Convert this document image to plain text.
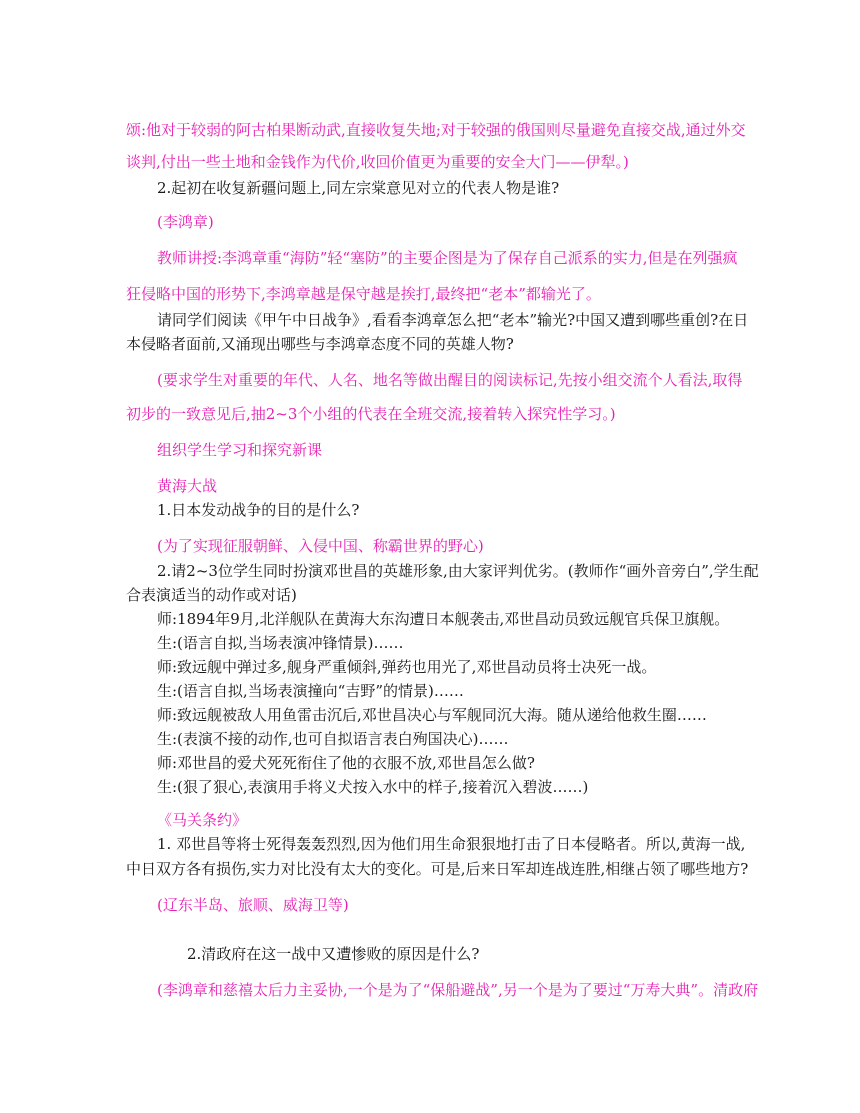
颂:他对于较弱的阿古柏果断动武,直接收复失地;对于较强的俄国则尽量避免直接交战,通过外交
谈判,付出一些土地和金钱作为代价,收回价值更为重要的安全大门——伊犁。)
2.起初在收复新疆问题上,同左宗棠意见对立的代表人物是谁?
(李鸿章)
教师讲授:李鸿章重“海防”轻“塞防”的主要企图是为了保存自己派系的实力,但是在列强疯
狂侵略中国的形势下,李鸿章越是保守越是挨打,最终把“老本”都输光了。
请同学们阅读《甲午中日战争》,看看李鸿章怎么把“老本”输光?中国又遭到哪些重创?在日
本侵略者面前,又涌现出哪些与李鸿章态度不同的英雄人物?
(要求学生对重要的年代、人名、地名等做出醒目的阅读标记,先按小组交流个人看法,取得
初步的一致意见后,抽2~3个小组的代表在全班交流,接着转入探究性学习。)
组织学生学习和探究新课
黄海大战
1.日本发动战争的目的是什么?
(为了实现征服朝鲜、入侵中国、称霸世界的野心)
2.请2~3位学生同时扮演邓世昌的英雄形象,由大家评判优劣。(教师作“画外音旁白”,学生配
合表演适当的动作或对话)
师:1894年9月,北洋舰队在黄海大东沟遭日本舰袭击,邓世昌动员致远舰官兵保卫旗舰。
生:(语言自拟,当场表演冲锋情景)……
师:致远舰中弹过多,舰身严重倾斜,弹药也用光了,邓世昌动员将士决死一战。
生:(语言自拟,当场表演撞向“吉野”的情景)……
师:致远舰被敌人用鱼雷击沉后,邓世昌决心与军舰同沉大海。随从递给他救生圈……
生:(表演不接的动作,也可自拟语言表白殉国决心)……
师:邓世昌的爱犬死死衔住了他的衣服不放,邓世昌怎么做?
生:(狠了狠心,表演用手将义犬按入水中的样子,接着沉入碧波……)
《马关条约》
1. 邓世昌等将士死得轰轰烈烈,因为他们用生命狠狠地打击了日本侵略者。所以,黄海一战,
中日双方各有损伤,实力对比没有太大的变化。可是,后来日军却连战连胜,相继占领了哪些地方?
(辽东半岛、旅顺、威海卫等)
2.清政府在这一战中又遭惨败的原因是什么?
(李鸿章和慈禧太后力主妥协,一个是为了“保船避战”,另一个是为了要过“万寿大典”。清政府
